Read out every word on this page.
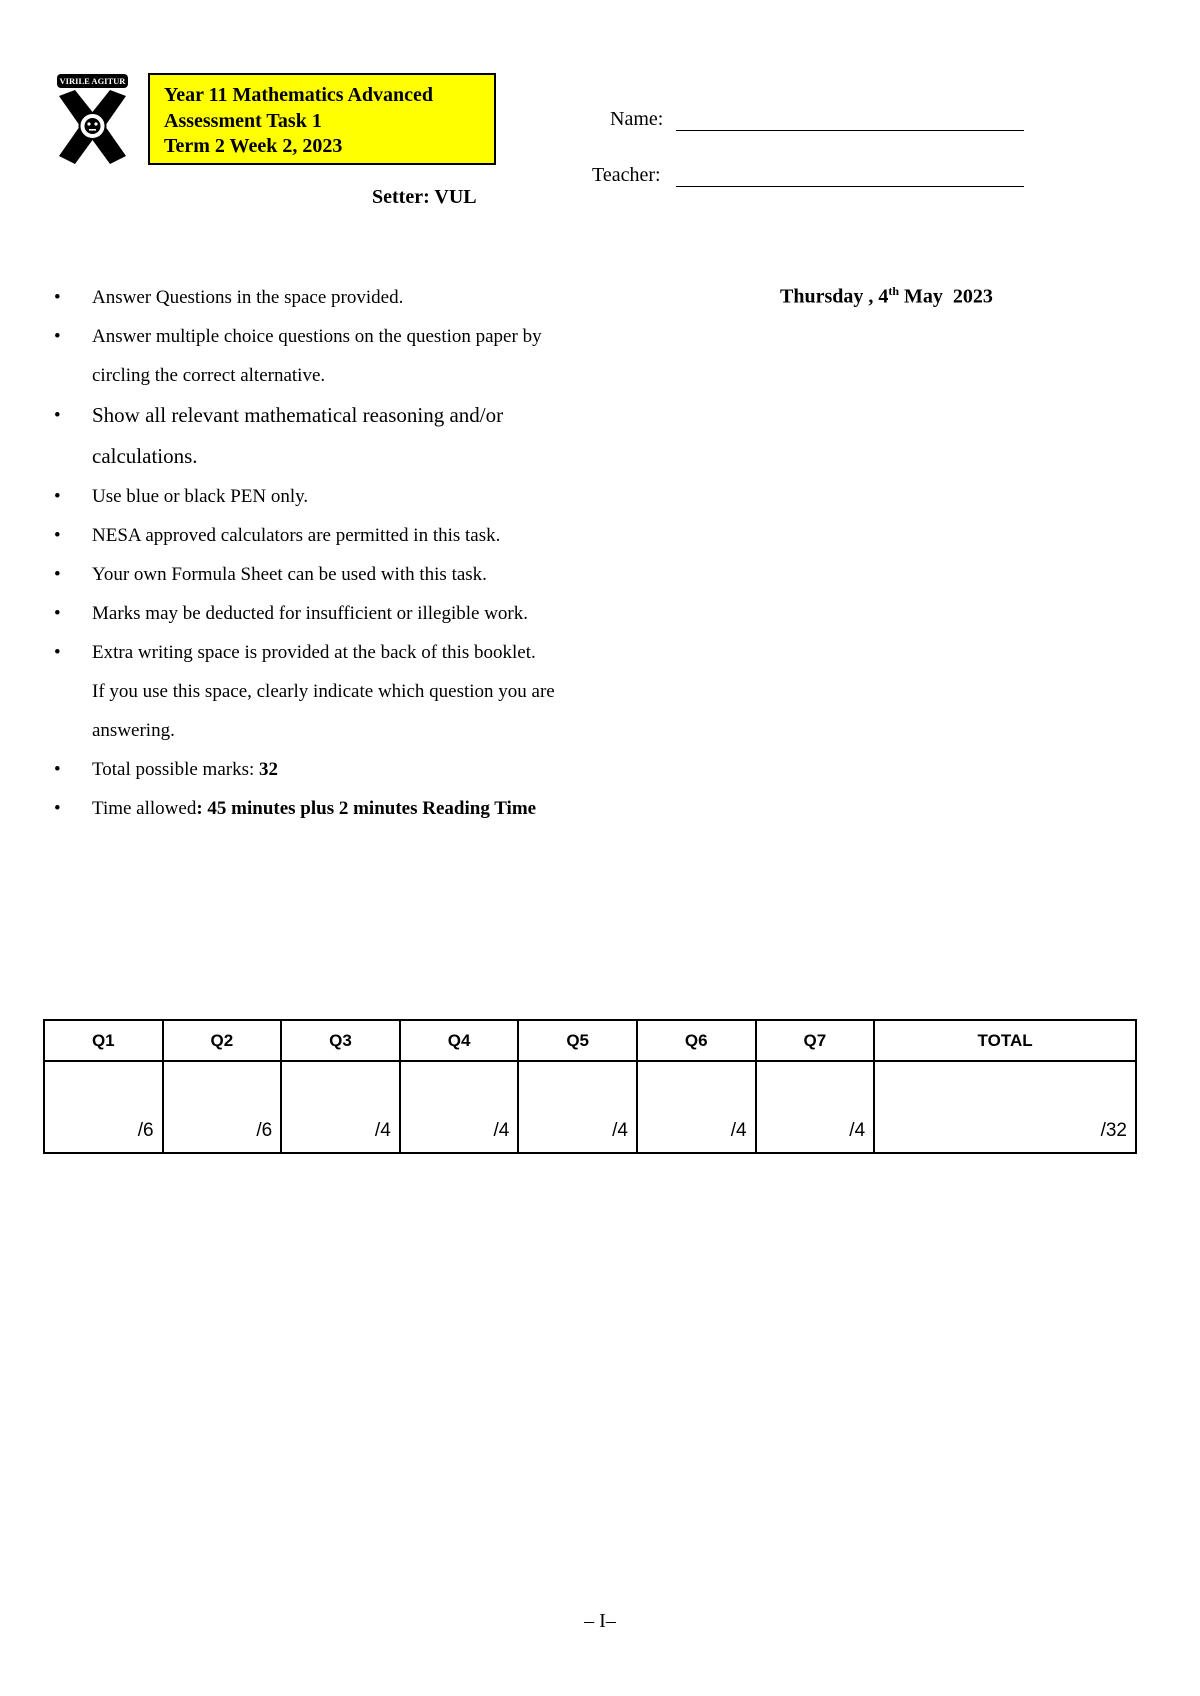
VIRILE AGITUR
Year 11 Mathematics Advanced
Assessment Task 1
Term 2 Week 2, 2023
Setter: VUL
Name:
Teacher:
Thursday , 4th May  2023
• Answer Questions in the space provided.
• Answer multiple choice questions on the question paper by
circling the correct alternative.
• Show all relevant mathematical reasoning and/or
calculations.
• Use blue or black PEN only.
• NESA approved calculators are permitted in this task.
• Your own Formula Sheet can be used with this task.
• Marks may be deducted for insufficient or illegible work.
• Extra writing space is provided at the back of this booklet.
If you use this space, clearly indicate which question you are
answering.
• Total possible marks: 32
• Time allowed: 45 minutes plus 2 minutes Reading Time
Q1	Q2	Q3	Q4	Q5	Q6	Q7	TOTAL
/6	/6	/4	/4	/4	/4	/4	/32
– I–
